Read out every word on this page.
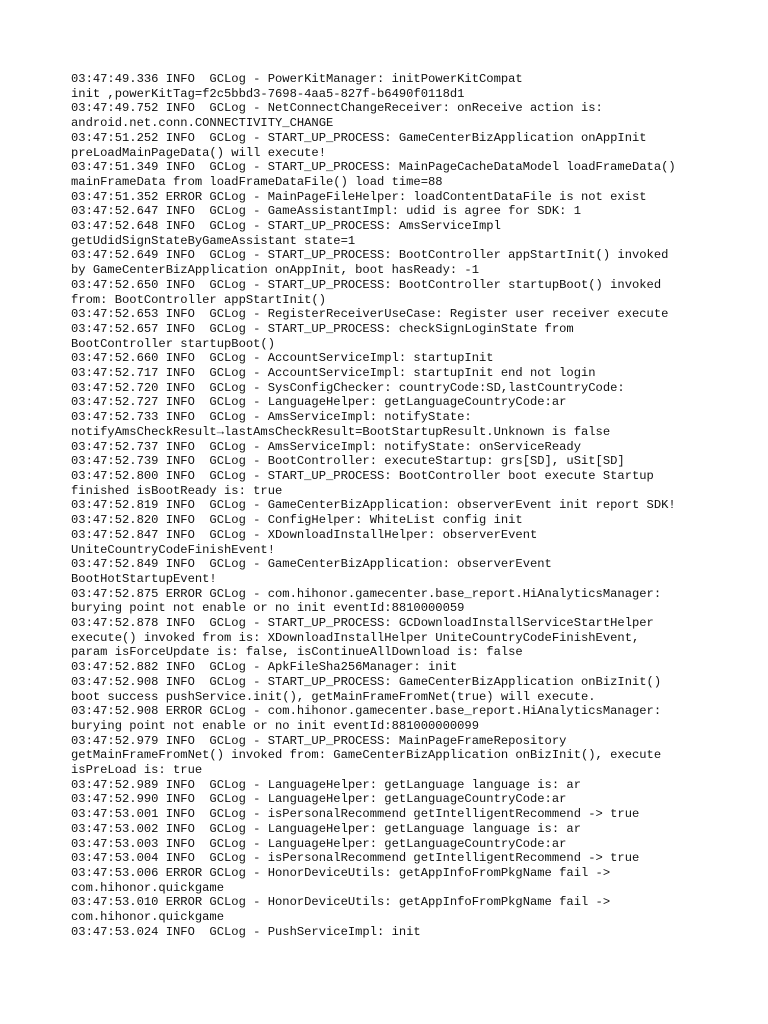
03:47:49.336 INFO  GCLog - PowerKitManager: initPowerKitCompat
init ,powerKitTag=f2c5bbd3-7698-4aa5-827f-b6490f0118d1
03:47:49.752 INFO  GCLog - NetConnectChangeReceiver: onReceive action is:
android.net.conn.CONNECTIVITY_CHANGE
03:47:51.252 INFO  GCLog - START_UP_PROCESS: GameCenterBizApplication onAppInit
preLoadMainPageData() will execute!
03:47:51.349 INFO  GCLog - START_UP_PROCESS: MainPageCacheDataModel loadFrameData()
mainFrameData from loadFrameDataFile() load time=88
03:47:51.352 ERROR GCLog - MainPageFileHelper: loadContentDataFile is not exist
03:47:52.647 INFO  GCLog - GameAssistantImpl: udid is agree for SDK: 1
03:47:52.648 INFO  GCLog - START_UP_PROCESS: AmsServiceImpl
getUdidSignStateByGameAssistant state=1
03:47:52.649 INFO  GCLog - START_UP_PROCESS: BootController appStartInit() invoked
by GameCenterBizApplication onAppInit, boot hasReady: -1
03:47:52.650 INFO  GCLog - START_UP_PROCESS: BootController startupBoot() invoked
from: BootController appStartInit()
03:47:52.653 INFO  GCLog - RegisterReceiverUseCase: Register user receiver execute
03:47:52.657 INFO  GCLog - START_UP_PROCESS: checkSignLoginState from
BootController startupBoot()
03:47:52.660 INFO  GCLog - AccountServiceImpl: startupInit
03:47:52.717 INFO  GCLog - AccountServiceImpl: startupInit end not login
03:47:52.720 INFO  GCLog - SysConfigChecker: countryCode:SD,lastCountryCode:
03:47:52.727 INFO  GCLog - LanguageHelper: getLanguageCountryCode:ar
03:47:52.733 INFO  GCLog - AmsServiceImpl: notifyState:
notifyAmsCheckResult→lastAmsCheckResult=BootStartupResult.Unknown is false
03:47:52.737 INFO  GCLog - AmsServiceImpl: notifyState: onServiceReady
03:47:52.739 INFO  GCLog - BootController: executeStartup: grs[SD], uSit[SD]
03:47:52.800 INFO  GCLog - START_UP_PROCESS: BootController boot execute Startup
finished isBootReady is: true
03:47:52.819 INFO  GCLog - GameCenterBizApplication: observerEvent init report SDK!
03:47:52.820 INFO  GCLog - ConfigHelper: WhiteList config init
03:47:52.847 INFO  GCLog - XDownloadInstallHelper: observerEvent
UniteCountryCodeFinishEvent!
03:47:52.849 INFO  GCLog - GameCenterBizApplication: observerEvent
BootHotStartupEvent!
03:47:52.875 ERROR GCLog - com.hihonor.gamecenter.base_report.HiAnalyticsManager:
burying point not enable or no init eventId:8810000059
03:47:52.878 INFO  GCLog - START_UP_PROCESS: GCDownloadInstallServiceStartHelper
execute() invoked from is: XDownloadInstallHelper UniteCountryCodeFinishEvent,
param isForceUpdate is: false, isContinueAllDownload is: false
03:47:52.882 INFO  GCLog - ApkFileSha256Manager: init
03:47:52.908 INFO  GCLog - START_UP_PROCESS: GameCenterBizApplication onBizInit()
boot success pushService.init(), getMainFrameFromNet(true) will execute.
03:47:52.908 ERROR GCLog - com.hihonor.gamecenter.base_report.HiAnalyticsManager:
burying point not enable or no init eventId:881000000099
03:47:52.979 INFO  GCLog - START_UP_PROCESS: MainPageFrameRepository
getMainFrameFromNet() invoked from: GameCenterBizApplication onBizInit(), execute
isPreLoad is: true
03:47:52.989 INFO  GCLog - LanguageHelper: getLanguage language is: ar
03:47:52.990 INFO  GCLog - LanguageHelper: getLanguageCountryCode:ar
03:47:53.001 INFO  GCLog - isPersonalRecommend getIntelligentRecommend -> true
03:47:53.002 INFO  GCLog - LanguageHelper: getLanguage language is: ar
03:47:53.003 INFO  GCLog - LanguageHelper: getLanguageCountryCode:ar
03:47:53.004 INFO  GCLog - isPersonalRecommend getIntelligentRecommend -> true
03:47:53.006 ERROR GCLog - HonorDeviceUtils: getAppInfoFromPkgName fail ->
com.hihonor.quickgame
03:47:53.010 ERROR GCLog - HonorDeviceUtils: getAppInfoFromPkgName fail ->
com.hihonor.quickgame
03:47:53.024 INFO  GCLog - PushServiceImpl: init
